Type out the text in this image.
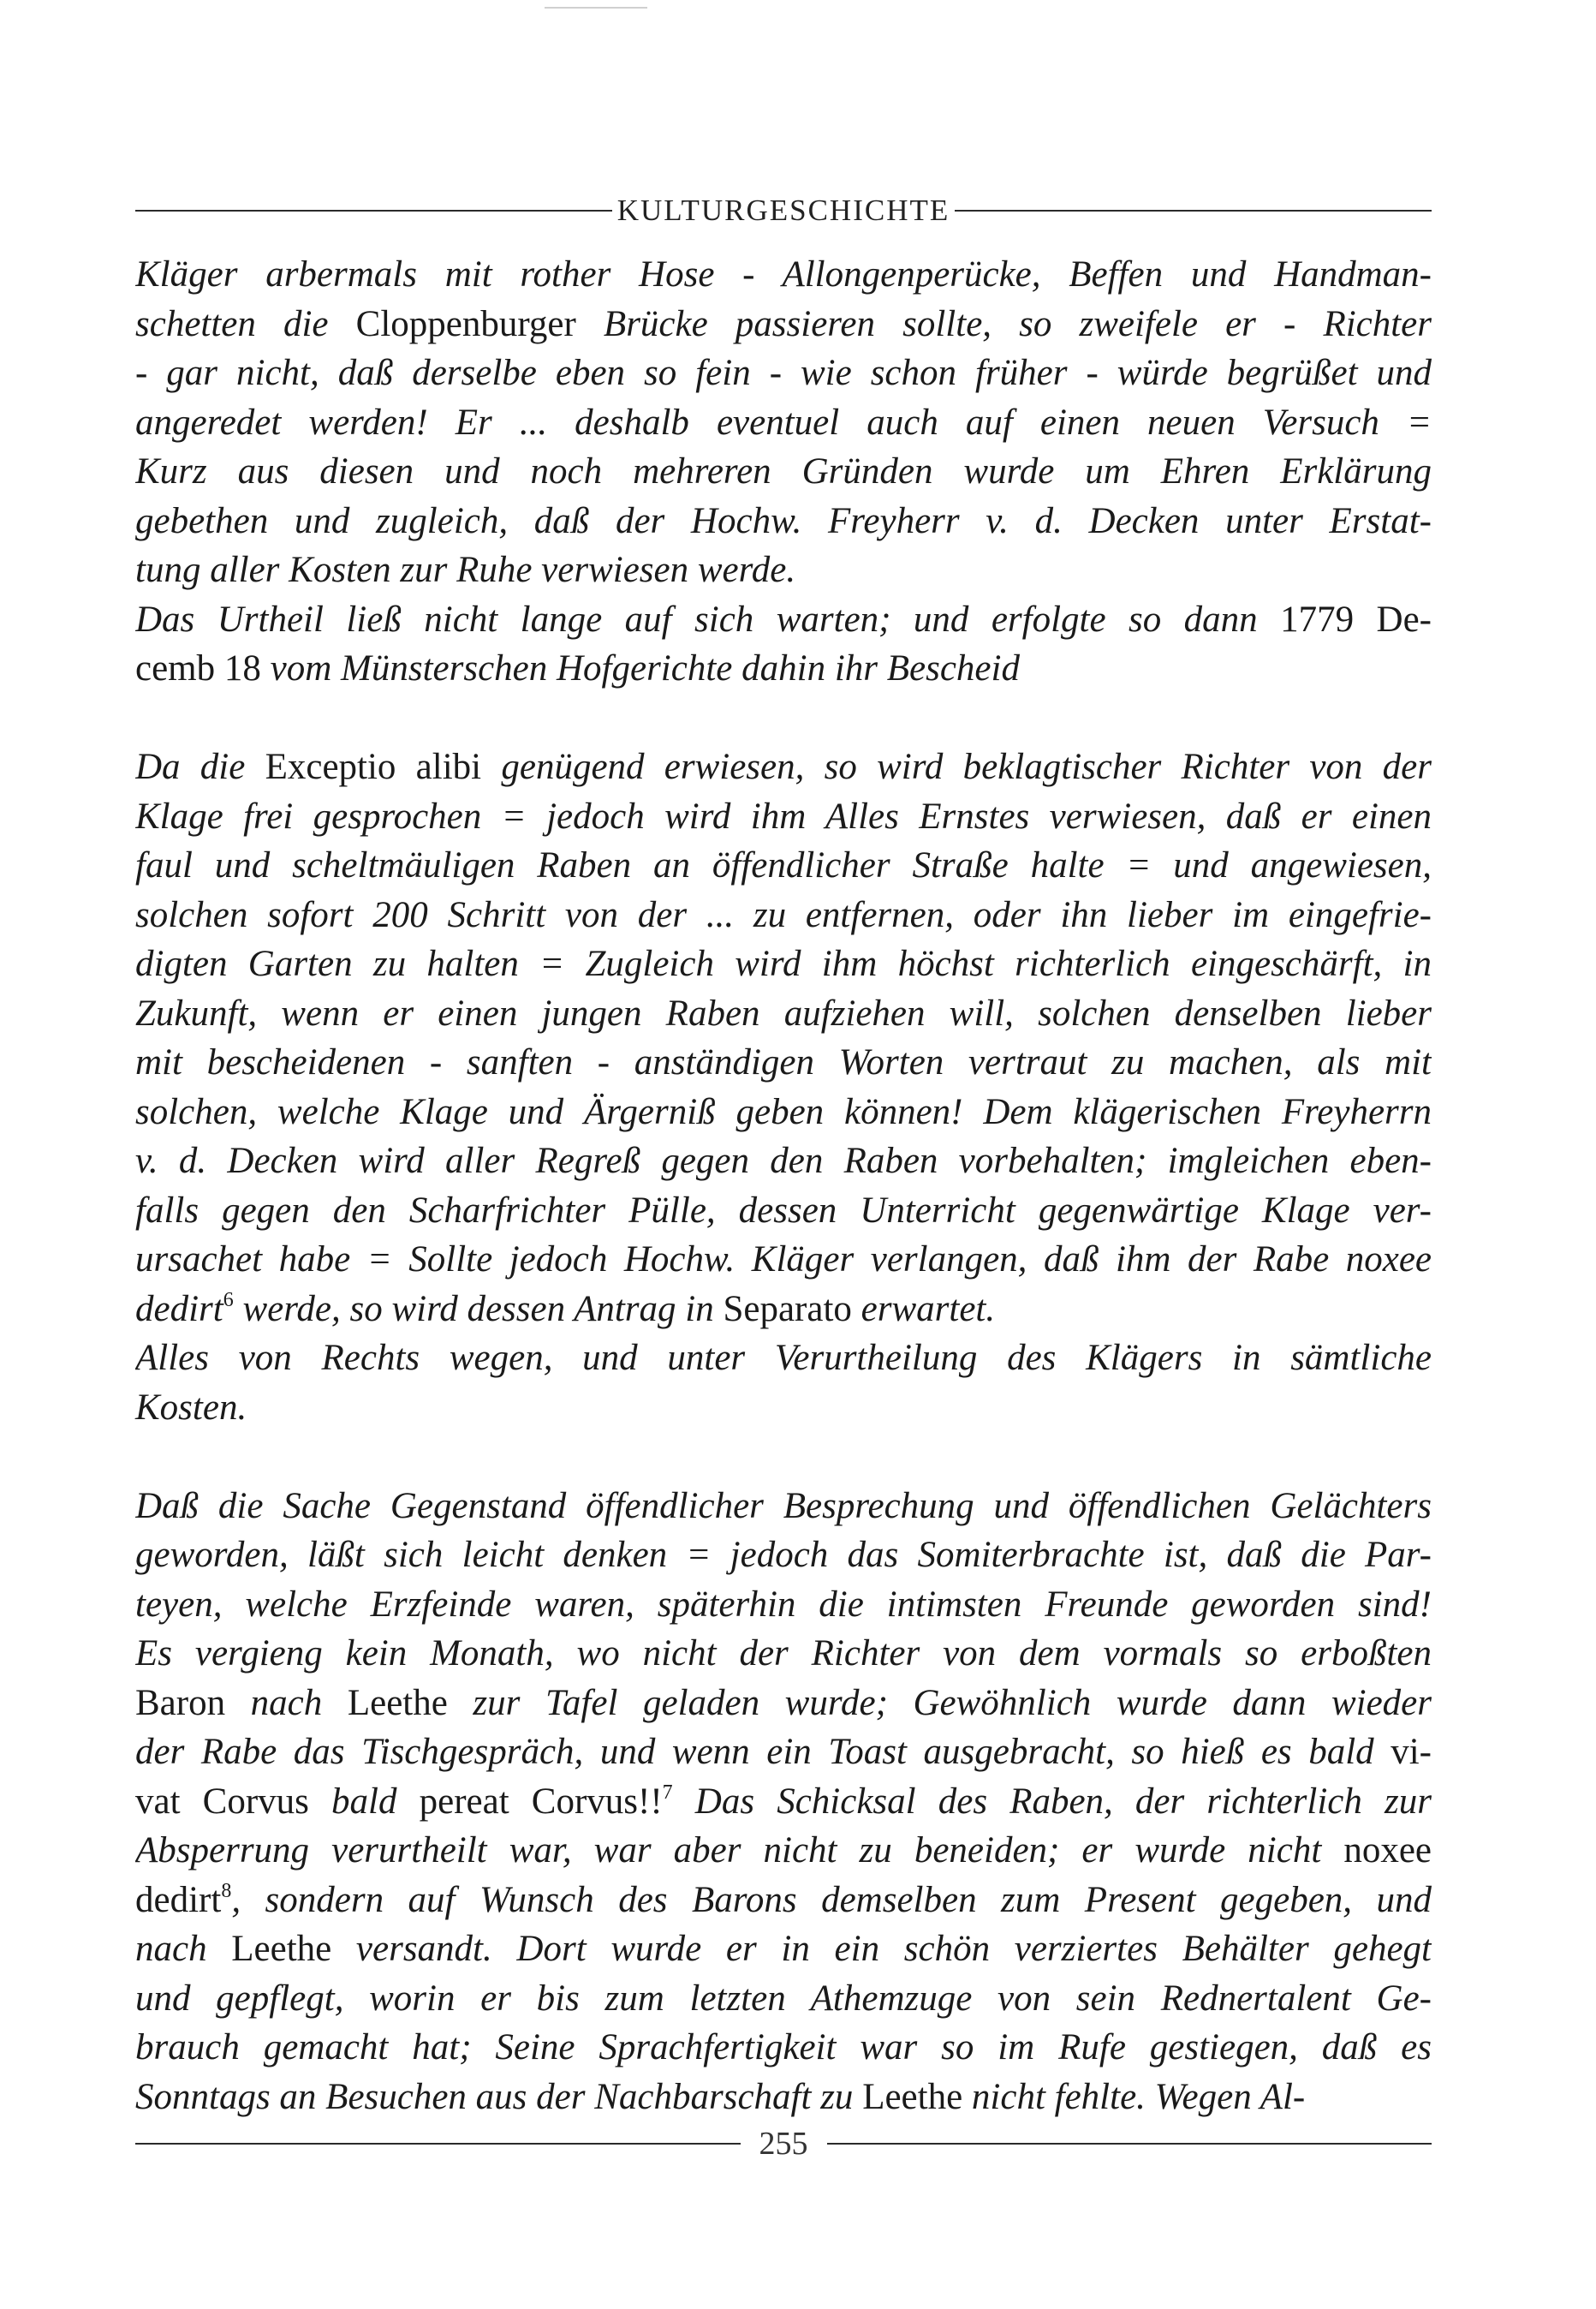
KULTURGESCHICHTE
Kläger arbermals mit rother Hose - Allongenperücke, Beffen und Handman-
schetten die Cloppenburger Brücke passieren sollte, so zweifele er - Richter
- gar nicht, daß derselbe eben so fein - wie schon früher - würde begrüßet und
angeredet werden! Er ... deshalb eventuel auch auf einen neuen Versuch =
Kurz aus diesen und noch mehreren Gründen wurde um Ehren Erklärung
gebethen und zugleich, daß der Hochw. Freyherr v. d. Decken unter Erstat-
tung aller Kosten zur Ruhe verwiesen werde.
Das Urtheil ließ nicht lange auf sich warten; und erfolgte so dann 1779 De-
cemb 18 vom Münsterschen Hofgerichte dahin ihr Bescheid
Da die Exceptio alibi genügend erwiesen, so wird beklagtischer Richter von der
Klage frei gesprochen = jedoch wird ihm Alles Ernstes verwiesen, daß er einen
faul und scheltmäuligen Raben an öffendlicher Straße halte = und angewiesen,
solchen sofort 200 Schritt von der ... zu entfernen, oder ihn lieber im eingefrie-
digten Garten zu halten = Zugleich wird ihm höchst richterlich eingeschärft, in
Zukunft, wenn er einen jungen Raben aufziehen will, solchen denselben lieber
mit bescheidenen - sanften - anständigen Worten vertraut zu machen, als mit
solchen, welche Klage und Ärgerniß geben können! Dem klägerischen Freyherrn
v. d. Decken wird aller Regreß gegen den Raben vorbehalten; imgleichen eben-
falls gegen den Scharfrichter Pülle, dessen Unterricht gegenwärtige Klage ver-
ursachet habe = Sollte jedoch Hochw. Kläger verlangen, daß ihm der Rabe noxee
dedirt$^6$ werde, so wird dessen Antrag in Separato erwartet.
Alles von Rechts wegen, und unter Verurtheilung des Klägers in sämtliche
Kosten.
Daß die Sache Gegenstand öffendlicher Besprechung und öffendlichen Gelächters
geworden, läßt sich leicht denken = jedoch das Somiterbrachte ist, daß die Par-
teyen, welche Erzfeinde waren, späterhin die intimsten Freunde geworden sind!
Es vergieng kein Monath, wo nicht der Richter von dem vormals so erboßten
Baron nach Leethe zur Tafel geladen wurde; Gewöhnlich wurde dann wieder
der Rabe das Tischgespräch, und wenn ein Toast ausgebracht, so hieß es bald vi-
vat Corvus bald pereat Corvus!!$^7$ Das Schicksal des Raben, der richterlich zur
Absperrung verurtheilt war, war aber nicht zu beneiden; er wurde nicht noxee
dedirt$^8$, sondern auf Wunsch des Barons demselben zum Present gegeben, und
nach Leethe versandt. Dort wurde er in ein schön verziertes Behälter gehegt
und gepflegt, worin er bis zum letzten Athemzuge von sein Rednertalent Ge-
brauch gemacht hat; Seine Sprachfertigkeit war so im Rufe gestiegen, daß es
Sonntags an Besuchen aus der Nachbarschaft zu Leethe nicht fehlte. Wegen Al-
255
